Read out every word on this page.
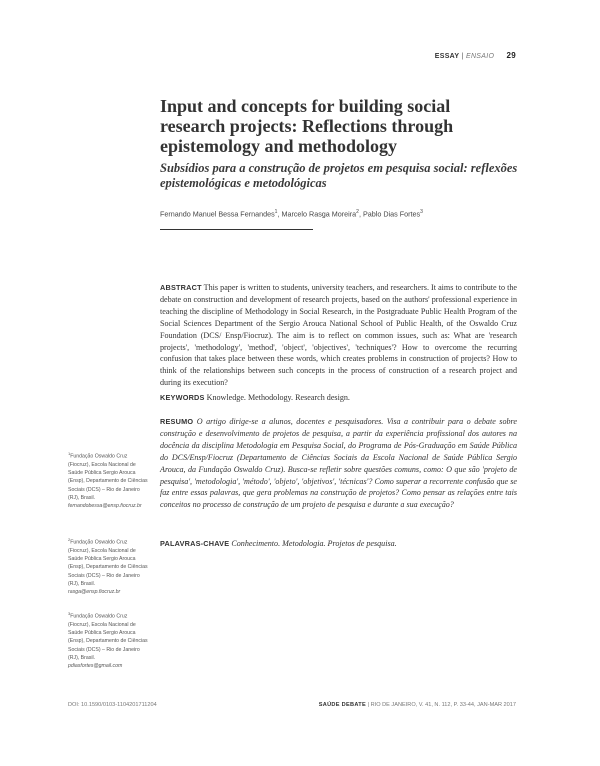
ESSAY | ENSAIO 29
Input and concepts for building social research projects: Reflections through epistemology and methodology
Subsídios para a construção de projetos em pesquisa social: reflexões epistemológicas e metodológicas
Fernando Manuel Bessa Fernandes$^1$, Marcelo Rasga Moreira$^2$, Pablo Dias Fortes$^3$

ABSTRACT This paper is written to students, university teachers, and researchers. It aims to contribute to the debate on construction and development of research projects, based on the authors' professional experience in teaching the discipline of Methodology in Social Research, in the Postgraduate Public Health Program of the Social Sciences Department of the Sergio Arouca National School of Public Health, of the Oswaldo Cruz Foundation (DCS/ Ensp/Fiocruz). The aim is to reflect on common issues, such as: What are 'research projects', 'methodology', 'method', 'object', 'objectives', 'techniques'? How to overcome the recurring confusion that takes place between these words, which creates problems in construction of projects? How to think of the relationships between such concepts in the process of construction of a research project and during its execution?

KEYWORDS Knowledge. Methodology. Research design.

RESUMO O artigo dirige-se a alunos, docentes e pesquisadores. Visa a contribuir para o debate sobre construção e desenvolvimento de projetos de pesquisa, a partir da experiência profissional dos autores na docência da disciplina Metodologia em Pesquisa Social, do Programa de Pós-Graduação em Saúde Pública do DCS/Ensp/Fiocruz (Departamento de Ciências Sociais da Escola Nacional de Saúde Pública Sergio Arouca, da Fundação Oswaldo Cruz). Busca-se refletir sobre questões comuns, como: O que são 'projeto de pesquisa', 'metodologia', 'método', 'objeto', 'objetivos', 'técnicas'? Como superar a recorrente confusão que se faz entre essas palavras, que gera problemas na construção de projetos? Como pensar as relações entre tais conceitos no processo de construção de um projeto de pesquisa e durante a sua execução?

PALAVRAS-CHAVE Conhecimento. Metodologia. Projetos de pesquisa.

$^1$Fundação Oswaldo Cruz (Fiocruz), Escola Nacional de Saúde Pública Sergio Arouca (Ensp), Departamento de Ciências Sociais (DCS) – Rio de Janeiro (RJ), Brasil.
fernandobessa@ensp.fiocruz.br

$^2$Fundação Oswaldo Cruz (Fiocruz), Escola Nacional de Saúde Pública Sergio Arouca (Ensp), Departamento de Ciências Sociais (DCS) – Rio de Janeiro (RJ), Brasil.
rasga@ensp.fiocruz.br

$^3$Fundação Oswaldo Cruz (Fiocruz), Escola Nacional de Saúde Pública Sergio Arouca (Ensp), Departamento de Ciências Sociais (DCS) – Rio de Janeiro (RJ), Brasil.
pdiasfortes@gmail.com

DOI: 10.1590/0103-1104201711204	SAÚDE DEBATE | RIO DE JANEIRO, V. 41, N. 112, P. 33-44, JAN-MAR 2017
